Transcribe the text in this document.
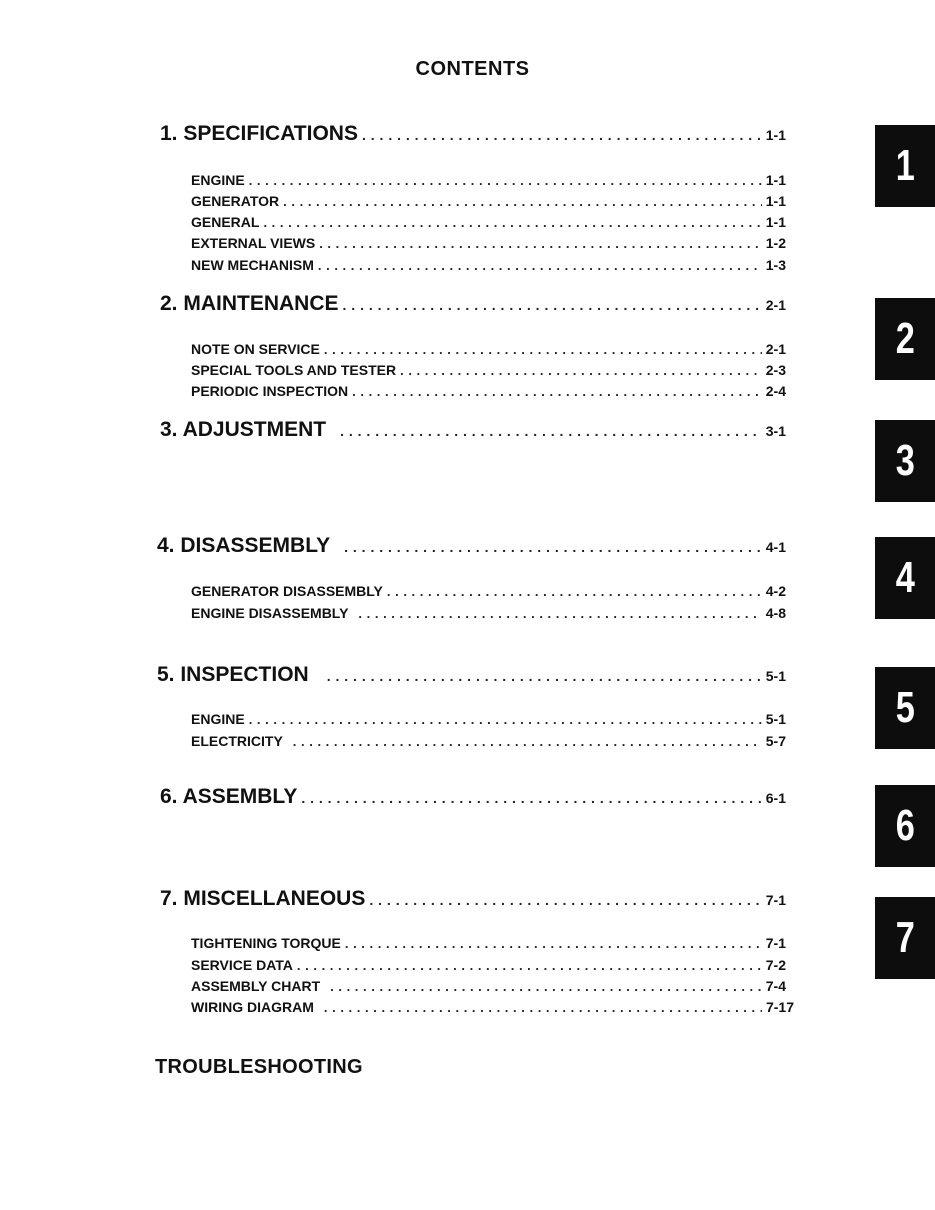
CONTENTS
1. SPECIFICATIONS . . .	1-1
ENGINE . . .	1-1
GENERATOR . . .	1-1
GENERAL . . .	1-1
EXTERNAL VIEWS . . .	1-2
NEW MECHANISM . . .	1-3
2. MAINTENANCE . . .	2-1
NOTE ON SERVICE . . .	2-1
SPECIAL TOOLS AND TESTER . . .	2-3
PERIODIC INSPECTION . . .	2-4
3. ADJUSTMENT . . .	3-1
4. DISASSEMBLY . . .	4-1
GENERATOR DISASSEMBLY . . .	4-2
ENGINE DISASSEMBLY . . .	4-8
5. INSPECTION . . .	5-1
ENGINE . . .	5-1
ELECTRICITY . . .	5-7
6. ASSEMBLY . . .	6-1
7. MISCELLANEOUS . . .	7-1
TIGHTENING TORQUE . . .	7-1
SERVICE DATA . . .	7-2
ASSEMBLY CHART . . .	7-4
WIRING DIAGRAM . . .	7-17
TROUBLESHOOTING
1
2
3
4
5
6
7
